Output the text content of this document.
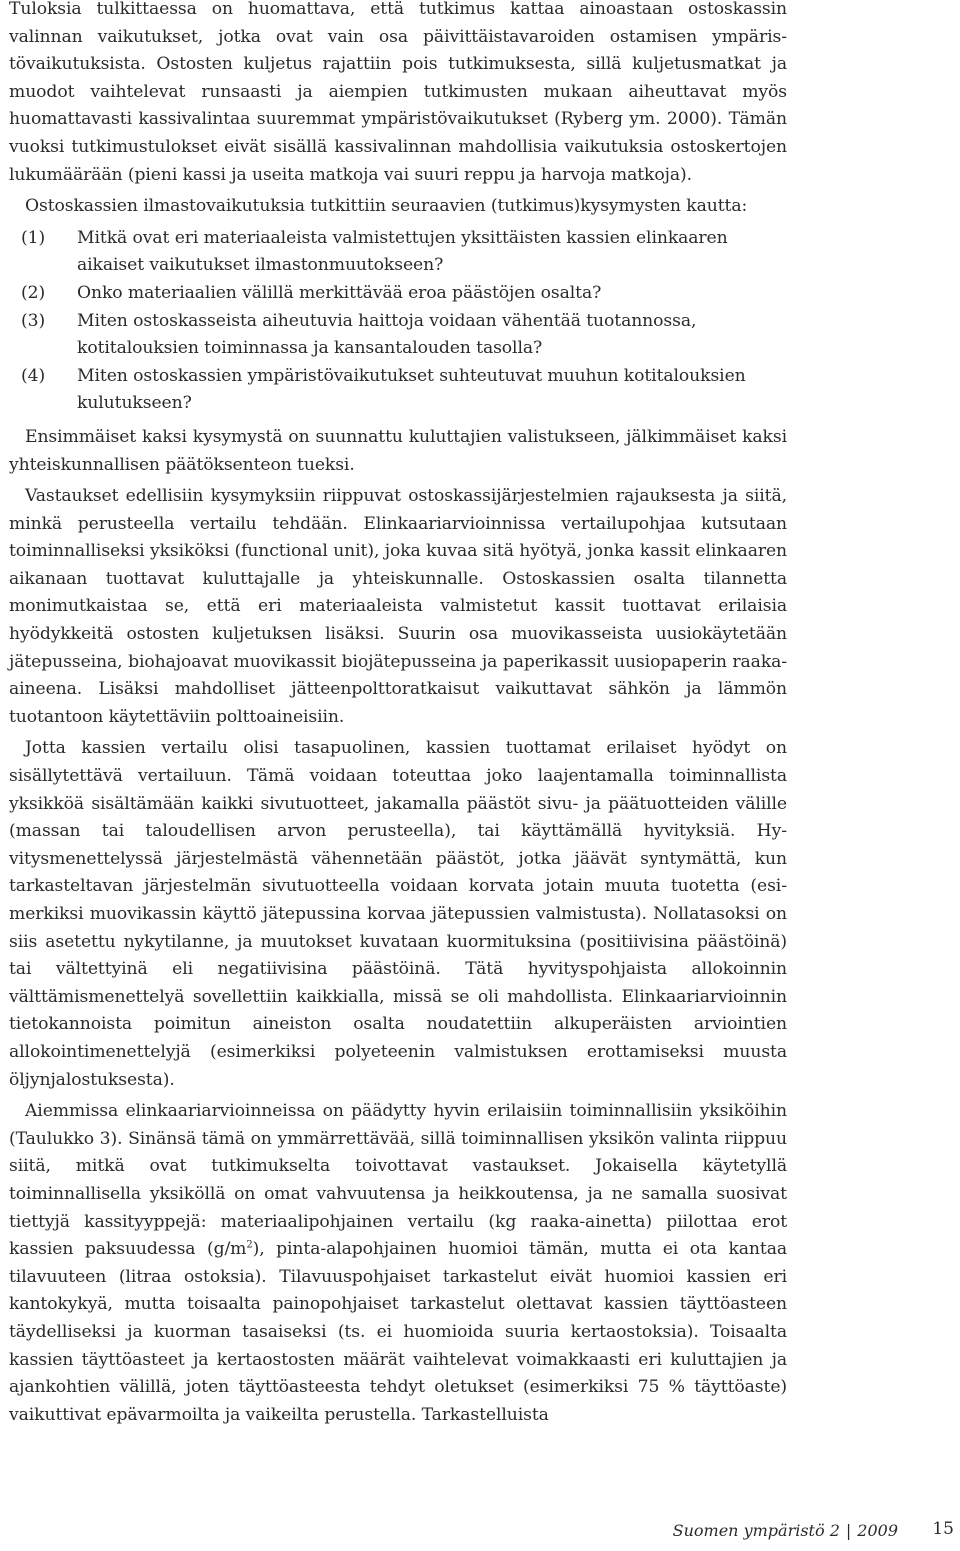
Tuloksia tulkittaessa on huomattava, että tutkimus kattaa ainoastaan ostoskassin valinnan vaikutukset, jotka ovat vain osa päivittäistavaroiden ostamisen ympäristövaikutuksista. Ostosten kuljetus rajattiin pois tutkimuksesta, sillä kuljetusmatkat ja muodot vaihtelevat runsaasti ja aiempien tutkimusten mukaan aiheuttavat myös huomattavasti kassivalintaa suuremmat ympäristövaikutukset (Ryberg ym. 2000). Tämän vuoksi tutkimustulokset eivät sisällä kassivalinnan mahdollisia vaikutuksia ostoskertojen lukumäärään (pieni kassi ja useita matkoja vai suuri reppu ja harvoja matkoja).

Ostoskassien ilmastovaikutuksia tutkittiin seuraavien (tutkimus)kysymysten kautta:

(1)	Mitkä ovat eri materiaaleista valmistettujen yksittäisten kassien elinkaaren aikaiset vaikutukset ilmastonmuutokseen?
(2)	Onko materiaalien välillä merkittävää eroa päästöjen osalta?
(3)	Miten ostoskasseista aiheutuvia haittoja voidaan vähentää tuotannossa, kotitalouksien toiminnassa ja kansantalouden tasolla?
(4)	Miten ostoskassien ympäristövaikutukset suhteutuvat muuhun kotitalouksien kulutukseen?

Ensimmäiset kaksi kysymystä on suunnattu kuluttajien valistukseen, jälkimmäiset kaksi yhteiskunnallisen päätöksenteon tueksi.

Vastaukset edellisiin kysymyksiin riippuvat ostoskassijärjestelmien rajauksesta ja siitä, minkä perusteella vertailu tehdään. Elinkaariarvioinnissa vertailupohjaa kutsutaan toiminnalliseksi yksiköksi (functional unit), joka kuvaa sitä hyötyä, jonka kassit elinkaaren aikanaan tuottavat kuluttajalle ja yhteiskunnalle. Ostoskassien osalta tilannetta monimutkaistaa se, että eri materiaaleista valmistetut kassit tuottavat erilaisia hyödykkeitä ostosten kuljetuksen lisäksi. Suurin osa muovikasseista uusiokäytetään jätepusseina, biohajoavat muovikassit biojätepusseina ja paperikassit uusiopaperin raaka-aineena. Lisäksi mahdolliset jätteenpolttoratkaisut vaikuttavat sähkön ja lämmön tuotantoon käytettäviin polttoaineisiin.

Jotta kassien vertailu olisi tasapuolinen, kassien tuottamat erilaiset hyödyt on sisällytettävä vertailuun. Tämä voidaan toteuttaa joko laajentamalla toiminnallista yksikköä sisältämään kaikki sivutuotteet, jakamalla päästöt sivu- ja päätuotteiden välille (massan tai taloudellisen arvon perusteella), tai käyttämällä hyvityksiä. Hyvitysmenettelyssä järjestelmästä vähennetään päästöt, jotka jäävät syntymättä, kun tarkasteltavan järjestelmän sivutuotteella voidaan korvata jotain muuta tuotetta (esimerkiksi muovikassin käyttö jätepussina korvaa jätepussien valmistusta). Nollatasoksi on siis asetettu nykytilanne, ja muutokset kuvataan kuormituksina (positiivisina päästöinä) tai vältettyinä eli negatiivisina päästöinä. Tätä hyvityspohjaista allokoinnin välttämismenettelyä sovellettiin kaikkialla, missä se oli mahdollista. Elinkaariarvioinnin tietokannoista poimitun aineiston osalta noudatettiin alkuperäisten arviointien allokointimenettelyjä (esimerkiksi polyeteenin valmistuksen erottamiseksi muusta öljynjalostuksesta).

Aiemmissa elinkaariarvioinneissa on päädytty hyvin erilaisiin toiminnallisiin yksiköihin (Taulukko 3). Sinänsä tämä on ymmärrettävää, sillä toiminnallisen yksikön valinta riippuu siitä, mitkä ovat tutkimukselta toivottavat vastaukset. Jokaisella käytetyllä toiminnallisella yksiköllä on omat vahvuutensa ja heikkoutensa, ja ne samalla suosivat tiettyjä kassityyppejä: materiaalipohjainen vertailu (kg raaka-ainetta) piilottaa erot kassien paksuudessa $(g/m^2)$, pinta-alapohjainen huomioi tämän, mutta ei ota kantaa tilavuuteen (litraa ostoksia). Tilavuuspohjaiset tarkastelut eivät huomioi kassien eri kantokykyä, mutta toisaalta painopohjaiset tarkastelut olettavat kassien täyttöasteen täydelliseksi ja kuorman tasaiseksi (ts. ei huomioida suuria kertaostoksia). Toisaalta kassien täyttöasteet ja kertaostosten määrät vaihtelevat voimakkaasti eri kuluttajien ja ajankohtien välillä, joten täyttöasteesta tehdyt oletukset (esimerkiksi 75 % täyttöaste) vaikuttivat epävarmoilta ja vaikeilta perustella. Tarkastelluista

Suomen ympäristö 2 | 2009 15
